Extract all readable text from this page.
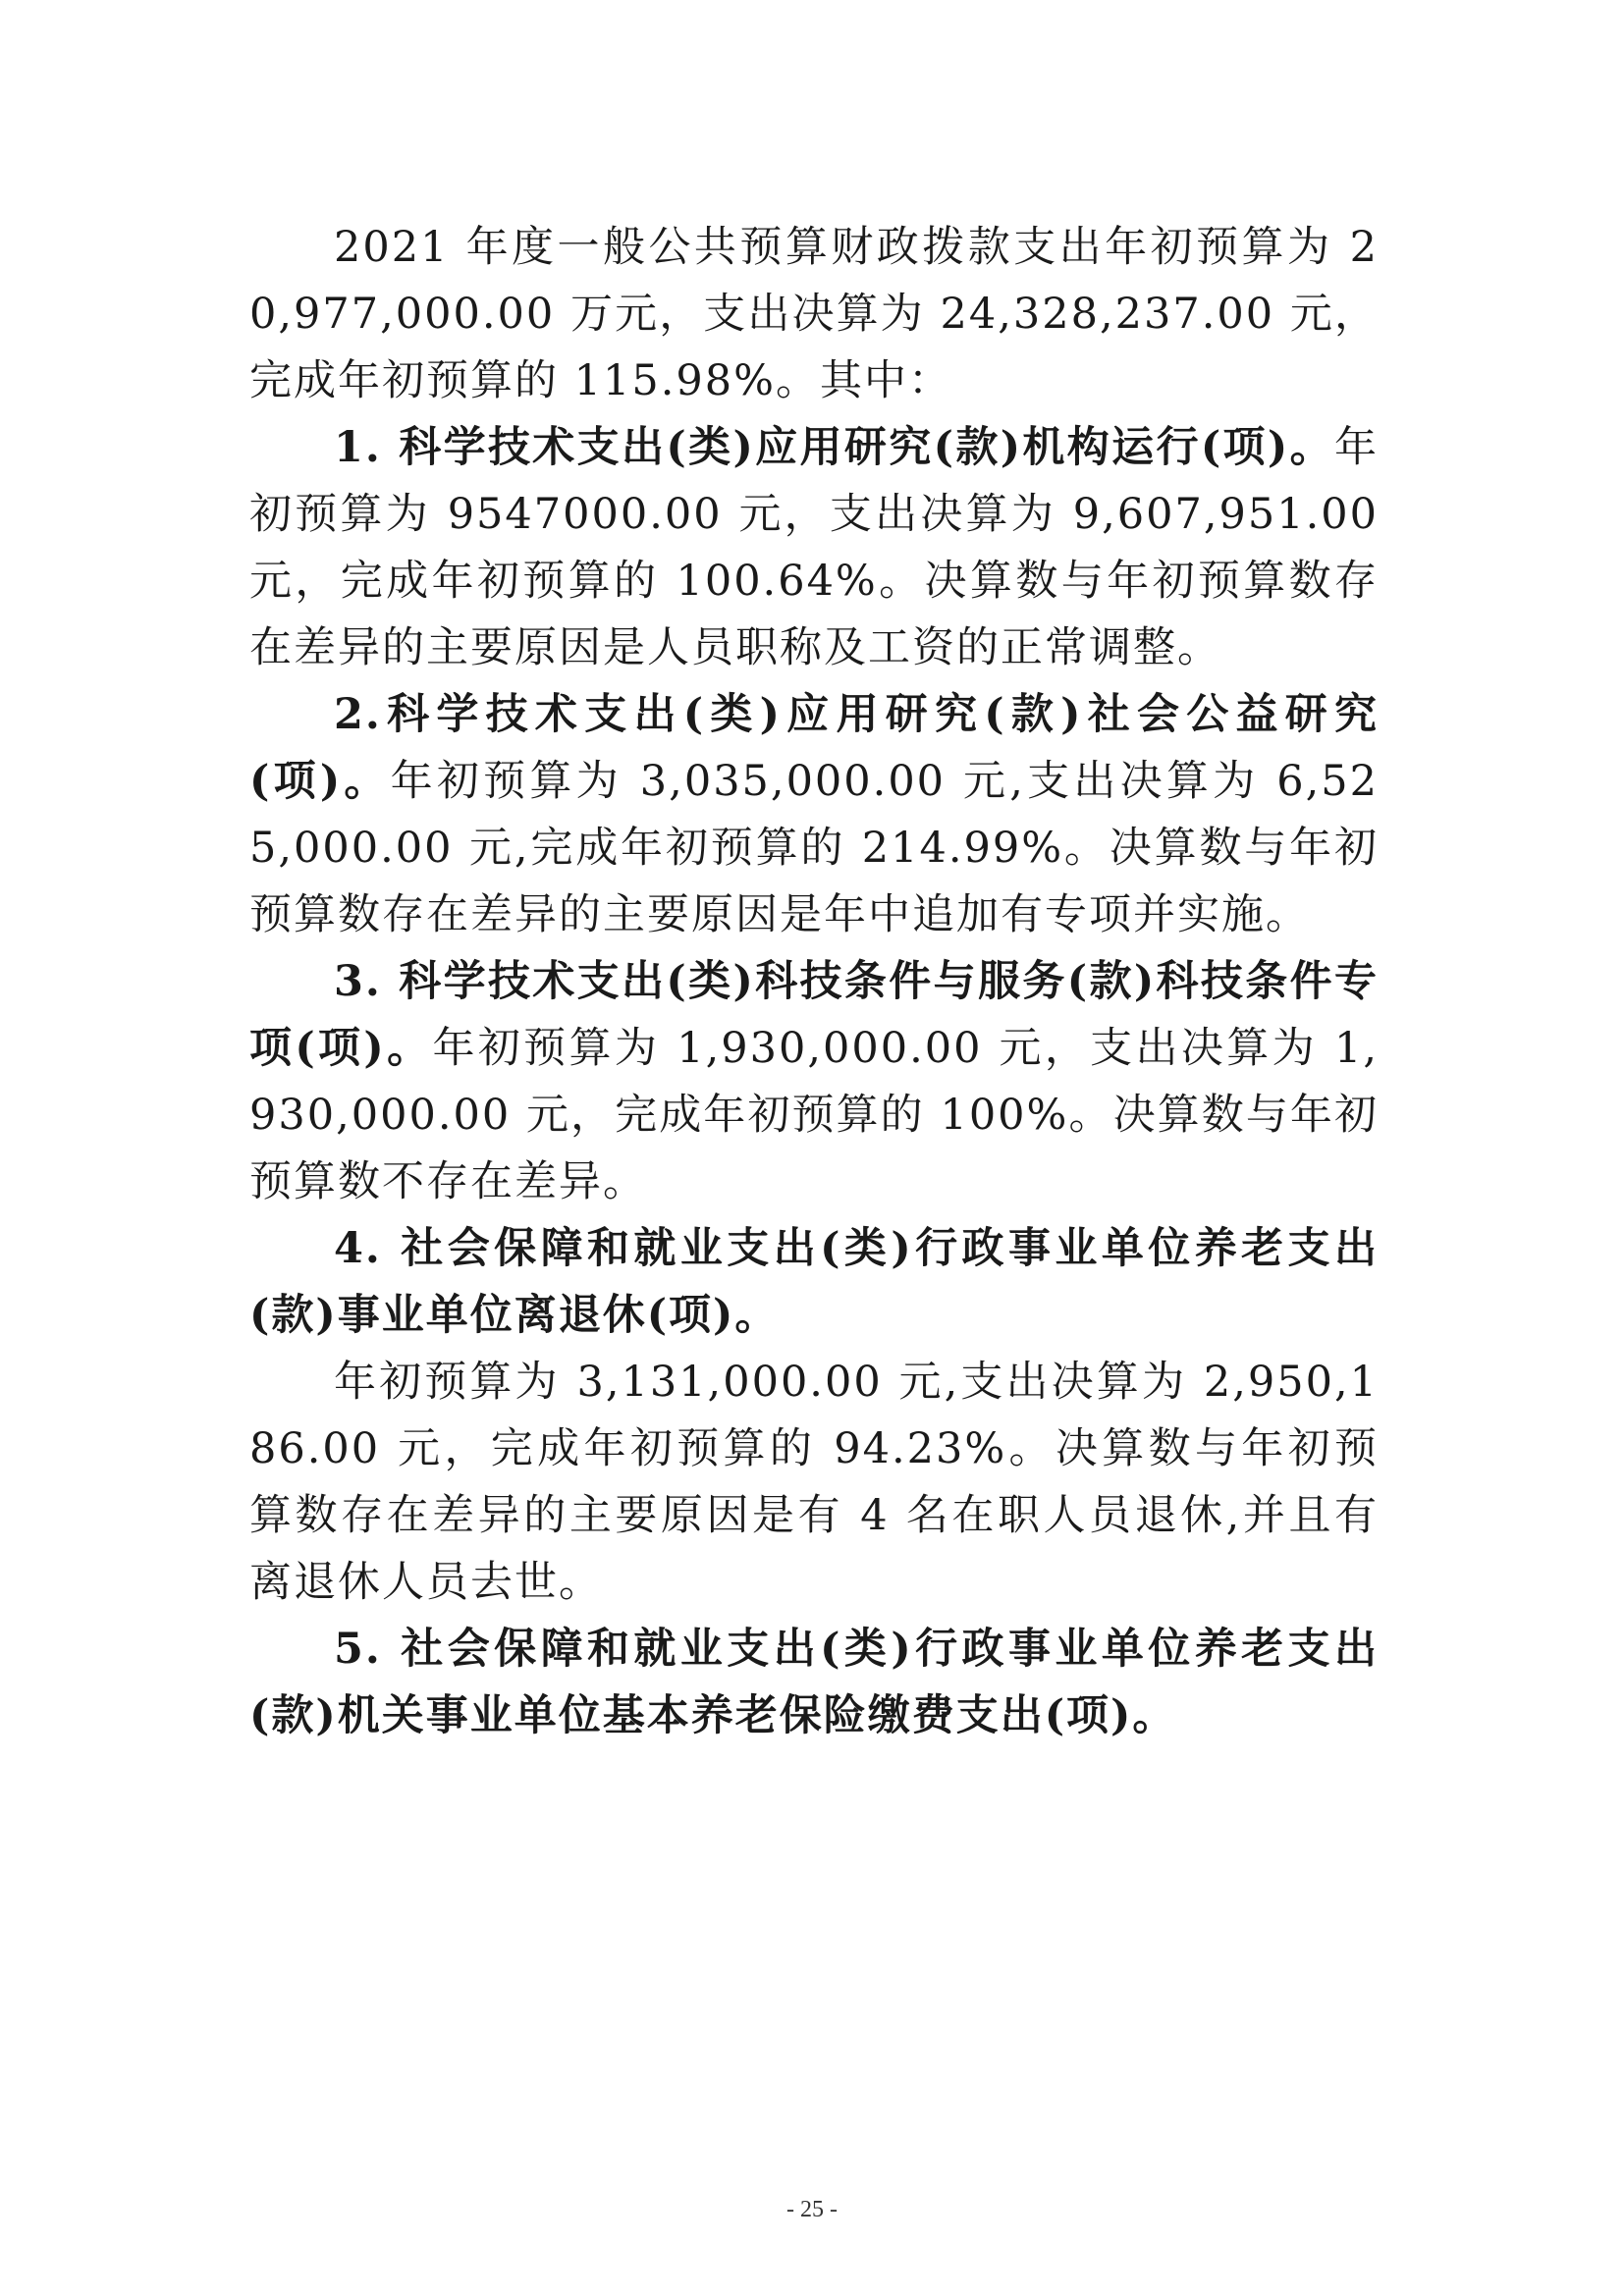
2021 年度一般公共预算财政拨款支出年初预算为 20,977,000.00 万元，支出决算为 24,328,237.00 元，完成年初预算的 115.98%。其中：

1. 科学技术支出(类)应用研究(款)机构运行(项)。年初预算为 9547000.00 元，支出决算为 9,607,951.00 元，完成年初预算的 100.64%。决算数与年初预算数存在差异的主要原因是人员职称及工资的正常调整。

2.科学技术支出(类)应用研究(款)社会公益研究(项)。年初预算为 3,035,000.00 元,支出决算为 6,525,000.00 元,完成年初预算的 214.99%。决算数与年初预算数存在差异的主要原因是年中追加有专项并实施。

3. 科学技术支出(类)科技条件与服务(款)科技条件专项(项)。年初预算为 1,930,000.00 元，支出决算为 1,930,000.00 元，完成年初预算的 100%。决算数与年初预算数不存在差异。

4. 社会保障和就业支出(类)行政事业单位养老支出(款)事业单位离退休(项)。

年初预算为 3,131,000.00 元,支出决算为 2,950,186.00 元，完成年初预算的 94.23%。决算数与年初预算数存在差异的主要原因是有 4 名在职人员退休,并且有离退休人员去世。

5. 社会保障和就业支出(类)行政事业单位养老支出(款)机关事业单位基本养老保险缴费支出(项)。

- 25 -
